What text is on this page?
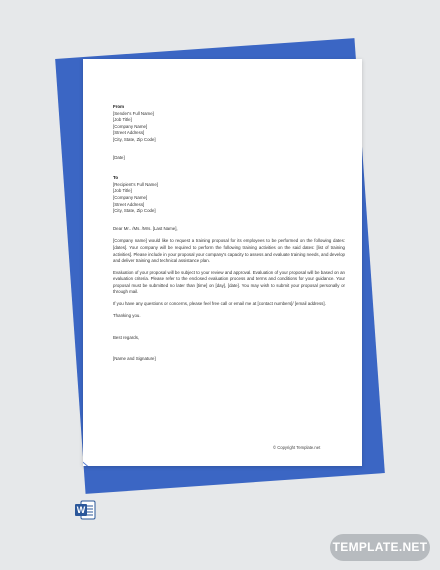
From
[Sender's Full Name]
[Job Title]
[Company Name]
[Street Address]
[City, State, Zip Code]
[Date]
To
[Recipient's Full Name]
[Job Title]
[Company Name]
[Street Address]
[City, State, Zip Code]
Dear Mr.. /Ms. /Mrs. [Last Name],

[Company name] would like to request a training proposal for its employees to be performed on the following dates: [dates]. Your company will be required to perform the following training activities on the said dates: [list of training activities]. Please include in your proposal your company's capacity to assess and evaluate training needs, and develop and deliver training and technical assistance plan.

Evaluation of your proposal will be subject to your review and approval. Evaluation of your proposal will be based on an evaluation criteria. Please refer to the enclosed evaluation process and terms and conditions for your guidance. Your proposal must be submitted no later than [time] on [day], [date]. You may wish to submit your proposal personally or through mail.

If you have any questions or concerns, please feel free call or email me at [contact numbers]/ [email address].

Thanking you.

Best regards,
[Name and Signature]
© Copyright Template.net
W
TEMPLATE.NET
